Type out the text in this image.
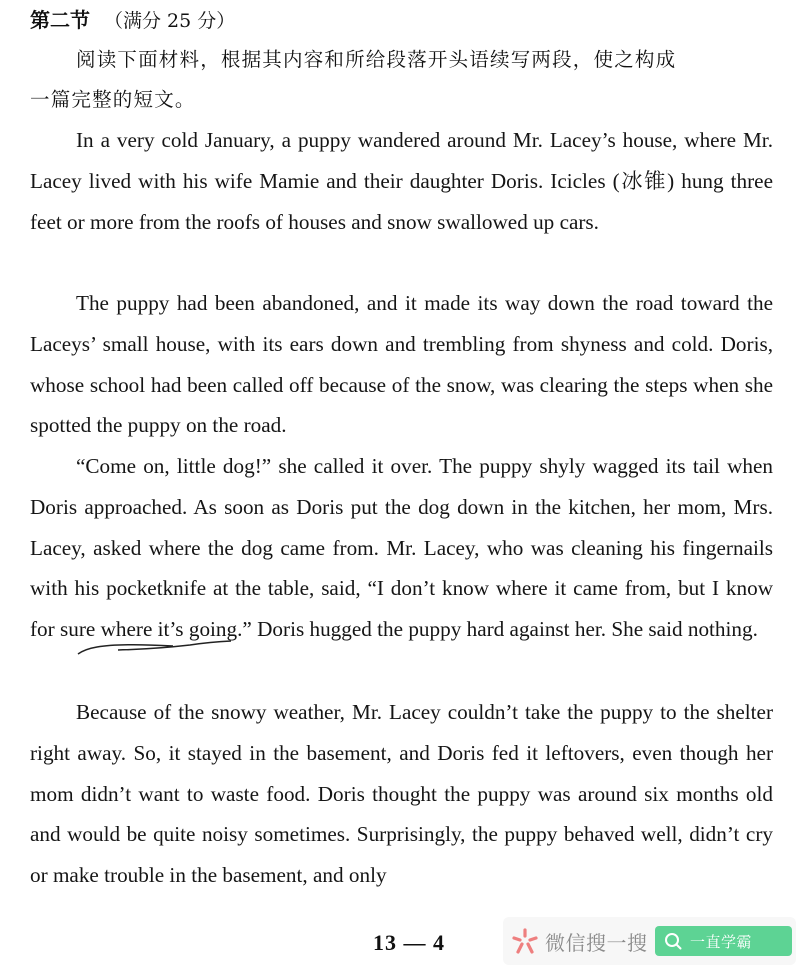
第二节 （满分 25 分）
阅读下面材料，根据其内容和所给段落开头语续写两段，使之构成
一篇完整的短文。
In a very cold January, a puppy wandered around Mr. Lacey’s house, where Mr. Lacey lived with his wife Mamie and their daughter Doris. Icicles (冰锥) hung three feet or more from the roofs of houses and snow swallowed up cars.
The puppy had been abandoned, and it made its way down the road toward the Laceys’ small house, with its ears down and trembling from shyness and cold. Doris, whose school had been called off because of the snow, was clearing the steps when she spotted the puppy on the road.
“Come on, little dog!” she called it over. The puppy shyly wagged its tail when Doris approached. As soon as Doris put the dog down in the kitchen, her mom, Mrs. Lacey, asked where the dog came from. Mr. Lacey, who was cleaning his fingernails with his pocketknife at the table, said, “I don’t know where it came from, but I know for sure where it’s going.” Doris hugged the puppy hard against her. She said nothing.
Because of the snowy weather, Mr. Lacey couldn’t take the puppy to the shelter right away. So, it stayed in the basement, and Doris fed it leftovers, even though her mom didn’t want to waste food. Doris thought the puppy was around six months old and would be quite noisy sometimes. Surprisingly, the puppy behaved well, didn’t cry or make trouble in the basement, and only
13 — 4	微信搜一搜	一直学霸
